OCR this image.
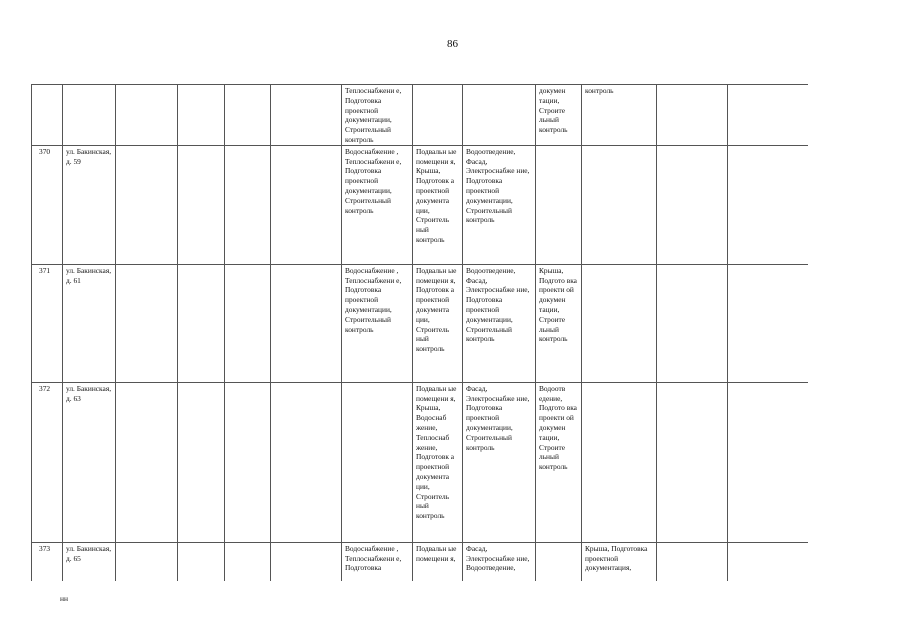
86
						Теплоснабжени е, Подготовка проектной документации, Строительный контроль			докумен тации, Строите льный контроль	контроль		
370	ул. Бакинская, д. 59					Водоснабжение , Теплоснабжени е, Подготовка проектной документации, Строительный контроль	Подвальн ые помещени я, Крыша, Подготовк а проектной документа ции, Строитель ный контроль	Водоотведение, Фасад, Электроснабже ние, Подготовка проектной документации, Строительный контроль				
371	ул. Бакинская, д. 61					Водоснабжение , Теплоснабжени е, Подготовка проектной документации, Строительный контроль	Подвальн ые помещени я, Подготовк а проектной документа ции, Строитель ный контроль	Водоотведение, Фасад, Электроснабже ние, Подготовка проектной документации, Строительный контроль	Крыша, Подгото вка проекти ой докумен тации, Строите льный контроль			
372	ул. Бакинская, д. 63						Подвальн ые помещени я, Крыша, Водоснаб жение, Теплоснаб жение, Подготовк а проектной документа ции, Строитель ный контроль	Фасад, Электроснабже ние, Подготовка проектной документации, Строительный контроль	Водоотв едение, Подгото вка проекти ой докумен тации, Строите льный контроль			
373	ул. Бакинская, д. 65					Водоснабжение , Теплоснабжени е, Подготовка	Подвальн ые помещени я,	Фасад, Электроснабже ние, Водоотведение,		Крыша, Подготовка проектной документация,		
нн
